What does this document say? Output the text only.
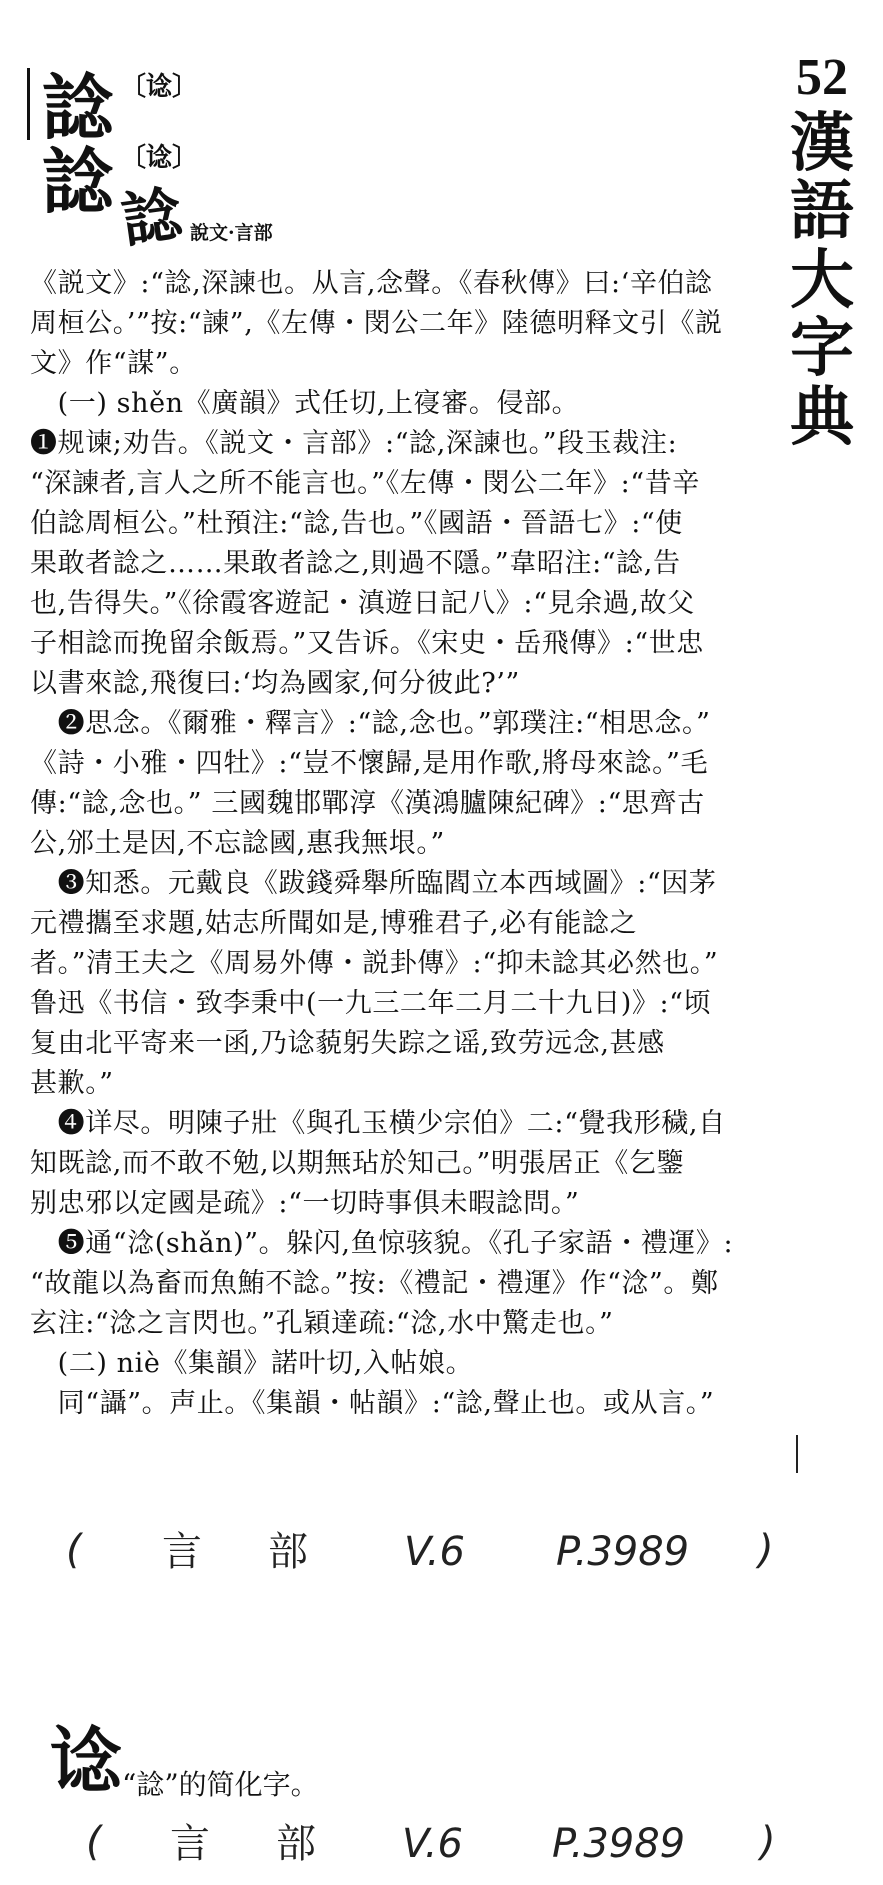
諗 〔谂〕
諗 〔谂〕
諗 說文·言部
52
漢
語
大
字
典
《説文》:“諗,深諫也。从言,念聲。《春秋傳》曰:‘辛伯諗
周桓公。’”按:“諫”,《左傳・閔公二年》陸德明释文引《説
文》作“謀”。
　(一) shěn《廣韻》式任切,上寑審。侵部。
❶规谏;劝告。《説文・言部》:“諗,深諫也。”段玉裁注:
“深諫者,言人之所不能言也。”《左傳・閔公二年》:“昔辛
伯諗周桓公。”杜預注:“諗,告也。”《國語・晉語七》:“使
果敢者諗之……果敢者諗之,則過不隱。”韋昭注:“諗,告
也,告得失。”《徐霞客遊記・滇遊日記八》:“見余過,故父
子相諗而挽留余飯焉。”又告诉。《宋史・岳飛傳》:“世忠
以書來諗,飛復曰:‘均為國家,何分彼此?’”
　❷思念。《爾雅・釋言》:“諗,念也。”郭璞注:“相思念。”
《詩・小雅・四牡》:“豈不懷歸,是用作歌,將母來諗。”毛
傳:“諗,念也。” 三國魏邯鄲淳《漢鴻臚陳紀碑》:“思齊古
公,邠土是因,不忘諗國,惠我無垠。”
　❸知悉。元戴良《跋錢舜舉所臨閻立本西域圖》:“因茅
元禮攜至求題,姑志所聞如是,博雅君子,必有能諗之
者。”清王夫之《周易外傳・説卦傳》:“抑未諗其必然也。”
鲁迅《书信・致李秉中(一九三二年二月二十九日)》:“顷
复由北平寄来一函,乃谂藐躬失踪之谣,致劳远念,甚感
甚歉。”
　❹详尽。明陳子壯《與孔玉横少宗伯》二:“覺我形穢,自
知既諗,而不敢不勉,以期無玷於知己。”明張居正《乞鑒
别忠邪以定國是疏》:“一切時事俱未暇諗問。”
　❺通“淰(shǎn)”。躲闪,鱼惊骇貌。《孔子家語・禮運》:
“故龍以為畜而魚鮪不諗。”按:《禮記・禮運》作“淰”。鄭
玄注:“淰之言閃也。”孔穎達疏:“淰,水中驚走也。”
　(二) niè《集韻》諾叶切,入帖娘。
　同“讘”。声止。《集韻・帖韻》:“諗,聲止也。或从言。”
( 言 部 V.6 P.3989 )
谂 “諗”的简化字。
( 言 部 V.6 P.3989 )
